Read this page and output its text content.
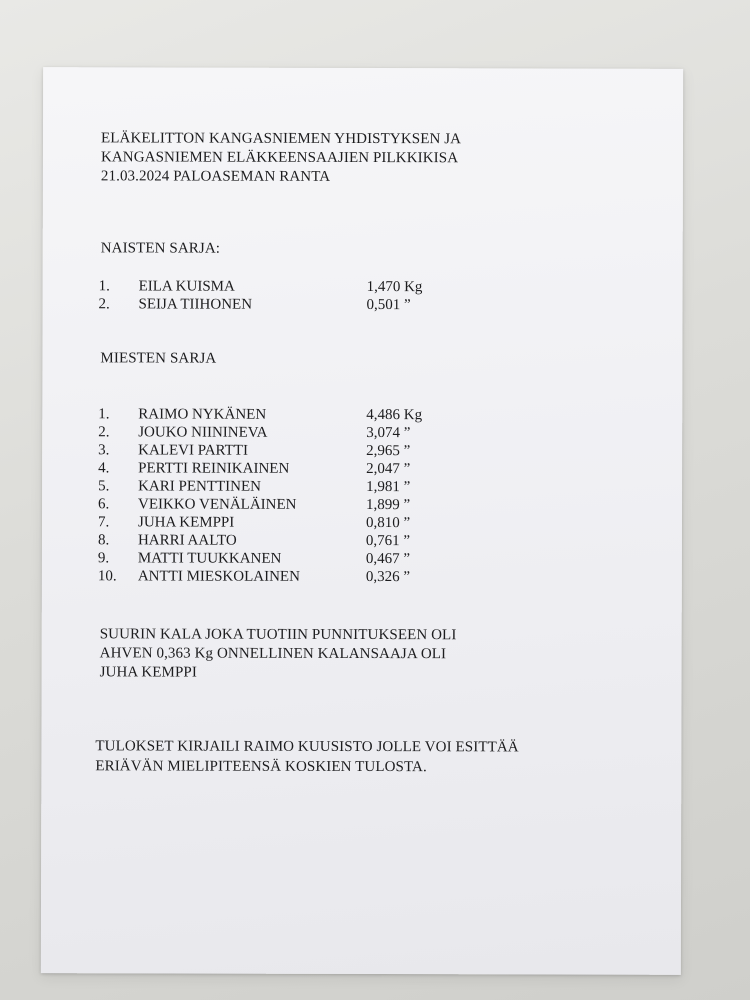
ELÄKELITTON KANGASNIEMEN YHDISTYKSEN JA
KANGASNIEMEN ELÄKKEENSAAJIEN PILKKIKISA
21.03.2024 PALOASEMAN RANTA
NAISTEN SARJA:
1. EILA KUISMA	1,470 Kg
2. SEIJA TIIHONEN	0,501 ”
MIESTEN SARJA
1. RAIMO NYKÄNEN	4,486 Kg
2. JOUKO NIININEVA	3,074 ”
3. KALEVI PARTTI	2,965 ”
4. PERTTI REINIKAINEN	2,047 ”
5. KARI PENTTINEN	1,981 ”
6. VEIKKO VENÄLÄINEN	1,899 ”
7. JUHA KEMPPI	0,810 ”
8. HARRI AALTO	0,761 ”
9. MATTI TUUKKANEN	0,467 ”
10. ANTTI MIESKOLAINEN	0,326 ”
SUURIN KALA JOKA TUOTIIN PUNNITUKSEEN OLI
AHVEN 0,363 Kg ONNELLINEN KALANSAAJA OLI
JUHA KEMPPI
TULOKSET KIRJAILI RAIMO KUUSISTO JOLLE VOI ESITTÄÄ
ERIÄVÄN MIELIPITEENSÄ KOSKIEN TULOSTA.
